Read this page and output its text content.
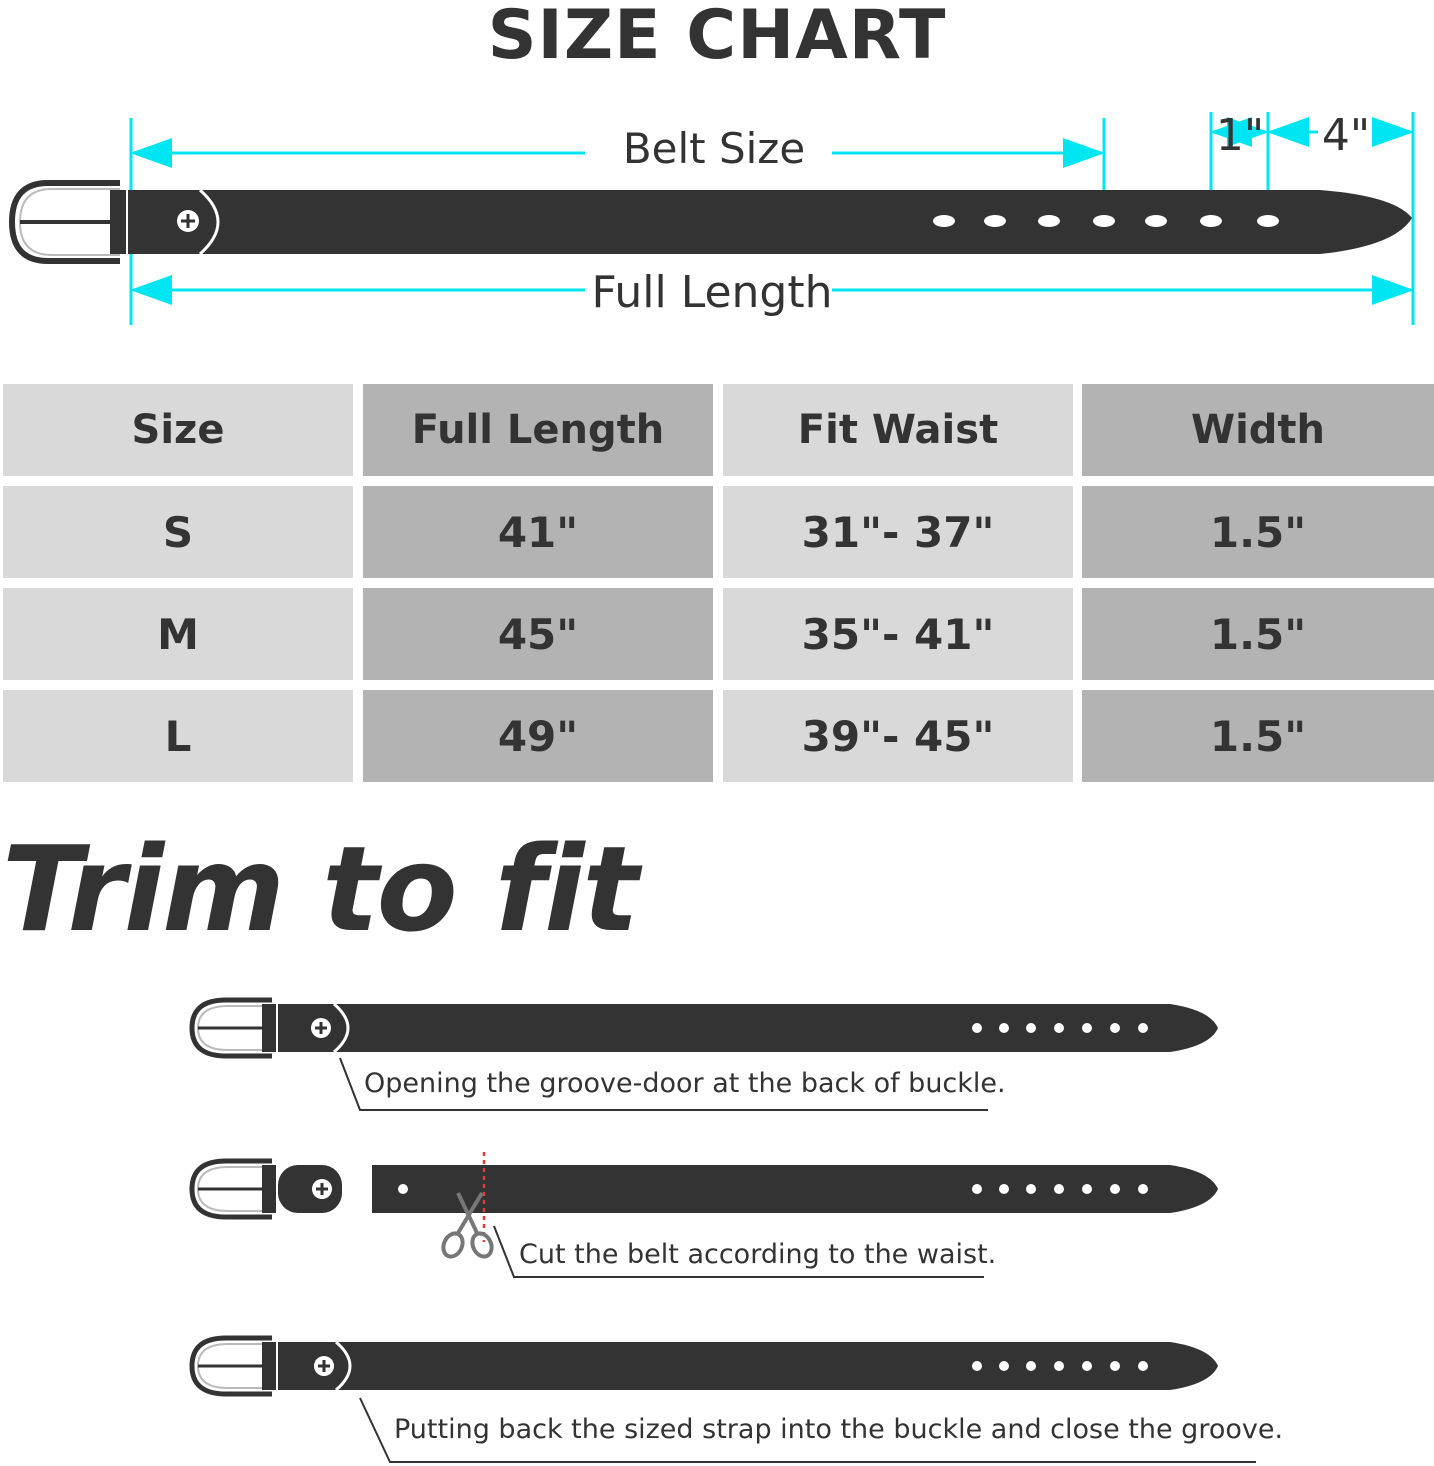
SIZE CHART
Belt Size	1" 4"
Full Length
Size	Full Length	Fit Waist	Width
S	41"	31"- 37"	1.5"
M	45"	35"- 41"	1.5"
L	49"	39"- 45"	1.5"
Trim to fit
Opening the groove-door at the back of buckle.
Cut the belt according to the waist.
Putting back the sized strap into the buckle and close the groove.
